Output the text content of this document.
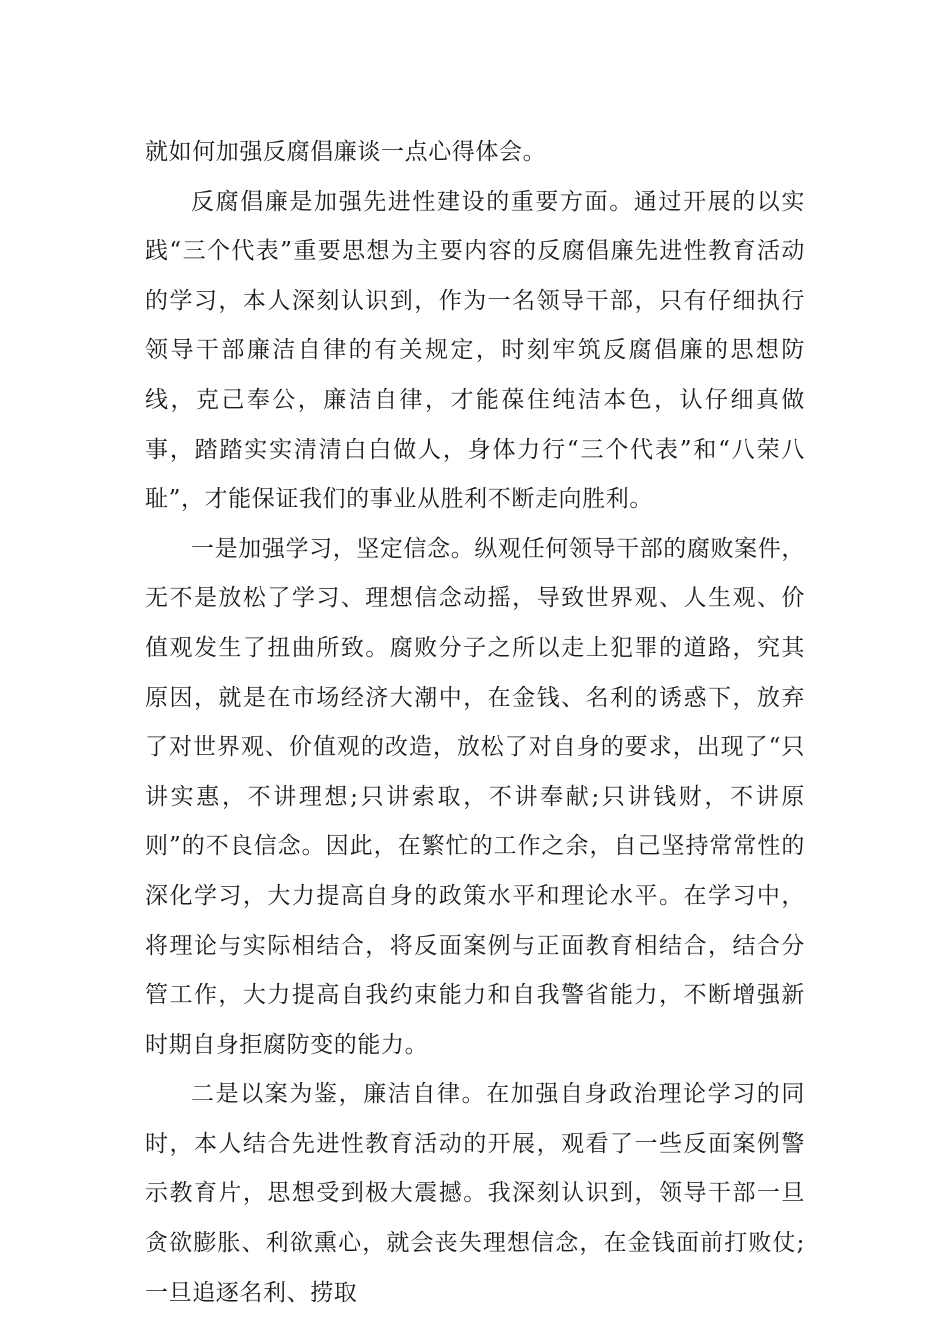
就如何加强反腐倡廉谈一点心得体会。

反腐倡廉是加强先进性建设的重要方面。通过开展的以实践“三个代表”重要思想为主要内容的反腐倡廉先进性教育活动的学习，本人深刻认识到，作为一名领导干部，只有仔细执行领导干部廉洁自律的有关规定，时刻牢筑反腐倡廉的思想防线，克己奉公，廉洁自律，才能葆住纯洁本色，认仔细真做事，踏踏实实清清白白做人，身体力行“三个代表”和“八荣八耻”，才能保证我们的事业从胜利不断走向胜利。

一是加强学习，坚定信念。纵观任何领导干部的腐败案件，无不是放松了学习、理想信念动摇，导致世界观、人生观、价值观发生了扭曲所致。腐败分子之所以走上犯罪的道路，究其原因，就是在市场经济大潮中，在金钱、名利的诱惑下，放弃了对世界观、价值观的改造，放松了对自身的要求，出现了“只讲实惠，不讲理想;只讲索取，不讲奉献;只讲钱财，不讲原则”的不良信念。因此，在繁忙的工作之余，自己坚持常常性的深化学习，大力提高自身的政策水平和理论水平。在学习中，将理论与实际相结合，将反面案例与正面教育相结合，结合分管工作，大力提高自我约束能力和自我警省能力，不断增强新时期自身拒腐防变的能力。

二是以案为鉴，廉洁自律。在加强自身政治理论学习的同时，本人结合先进性教育活动的开展，观看了一些反面案例警示教育片，思想受到极大震撼。我深刻认识到，领导干部一旦贪欲膨胀、利欲熏心，就会丧失理想信念，在金钱面前打败仗;一旦追逐名利、捞取
